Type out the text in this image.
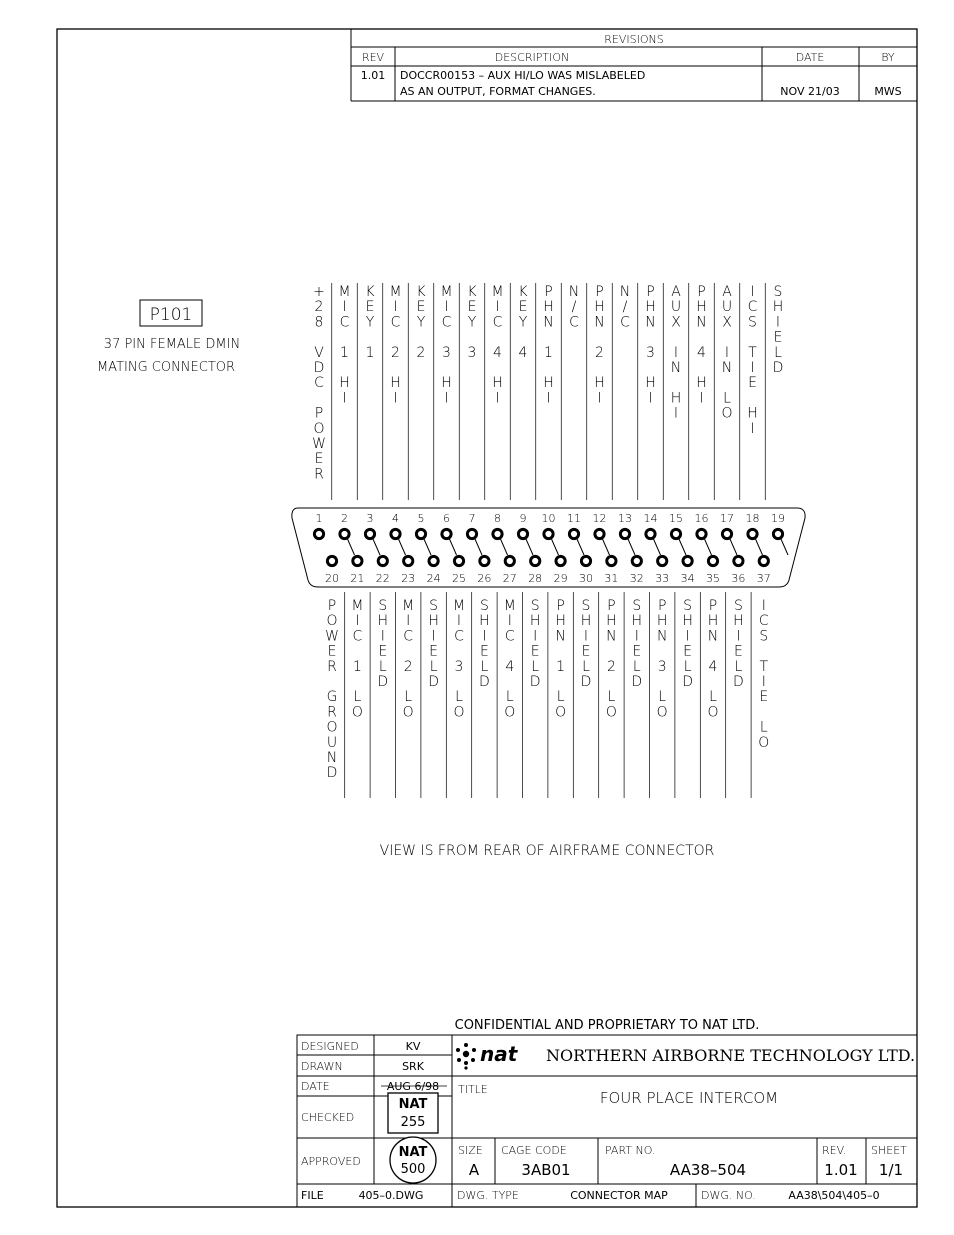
REVISIONS
REV	DESCRIPTION	DATE	BY
1.01 DOCCR00153 – AUX HI/LO WAS MISLABELED
AS AN OUTPUT, FORMAT CHANGES.	NOV 21/03	MWS
P101
37 PIN FEMALE DMIN
MATING CONNECTOR
+ 2 8 V D C P O W E R
M I C 1 H I
K E Y 1
M I C 2 H I
K E Y 2
M I C 3 H I
K E Y 3
M I C 4 H I
K E Y 4
P H N 1 H I
N / C
P H N 2 H I
N / C
P H N 3 H I
A U X I N H I
P H N 4 H I
A U X I N L O
I C S T I E H I
S H I E L D
P O W E R G R O U N D
M I C 1 L O
S H I E L D
M I C 2 L O
S H I E L D
M I C 3 L O
S H I E L D
M I C 4 L O
S H I E L D
P H N 1 L O
S H I E L D
P H N 2 L O
S H I E L D
P H N 3 L O
S H I E L D
P H N 4 L O
S H I E L D
I C S T I E L O
1 2 3 4 5 6 7 8 9 10 11 12 13 14 15 16 17 18 19
20 21 22 23 24 25 26 27 28 29 30 31 32 33 34 35 36 37
VIEW IS FROM REAR OF AIRFRAME CONNECTOR
CONFIDENTIAL AND PROPRIETARY TO NAT LTD.
DESIGNED	KV
DRAWN	SRK
DATE	AUG 6/98
CHECKED
APPROVED
FILE	405–0.DWG
NAT
255
NAT
500
nat NORTHERN AIRBORNE TECHNOLOGY LTD.
TITLE	FOUR PLACE INTERCOM
SIZE
A
CAGE CODE
3AB01
PART NO.
AA38–504
REV.
1.01
SHEET
1/1
DWG. TYPE	CONNECTOR MAP	DWG. NO.	AA38\504\405–0
